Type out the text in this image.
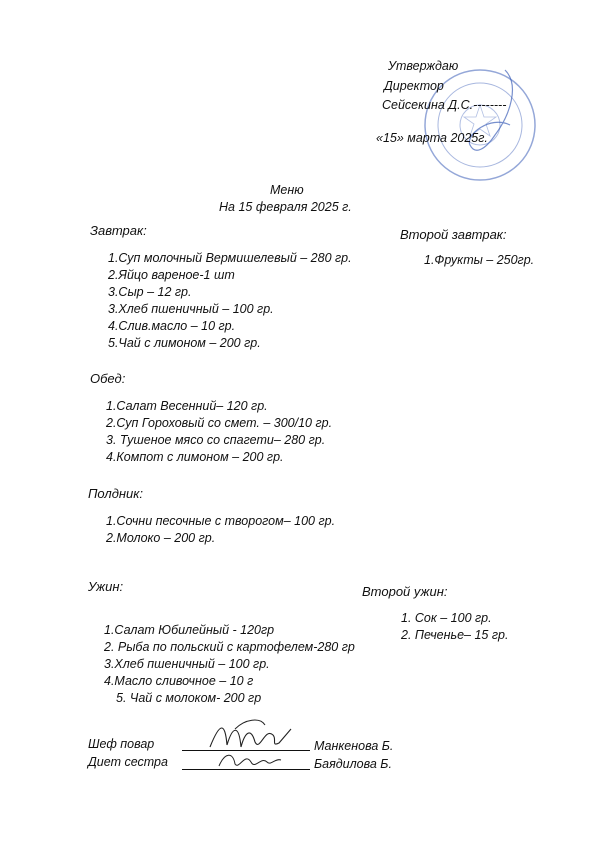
Утверждаю
Директор
Сейсекина Д.С.--------
«15» марта 2025г.
Меню
На 15 февраля 2025 г.
Завтрак:
1.Суп молочный Вермишелевый – 280 гр.
2.Яйцо вареное-1 шт
3.Сыр – 12 гр.
3.Хлеб пшеничный – 100 гр.
4.Слив.масло – 10 гр.
5.Чай с лимоном – 200 гр.
Второй завтрак:
1.Фрукты – 250гр.
Обед:
1.Салат Весенний– 120 гр.
2.Суп Гороховый со смет. – 300/10 гр.
3. Тушеное мясо со спагети– 280 гр.
4.Компот с лимоном – 200 гр.
Полдник:
1.Сочни песочные с творогом– 100 гр.
2.Молоко – 200 гр.
Ужин:
1.Салат Юбилейный - 120гр
2. Рыба по польский с картофелем-280 гр
3.Хлеб пшеничный – 100 гр.
4.Масло сливочное – 10 г
5. Чай с молоком- 200 гр
Второй ужин:
1. Сок – 100 гр.
2. Печенье– 15 гр.
Шеф повар	Манкенова Б.
Диет сестра	Баядилова Б.
